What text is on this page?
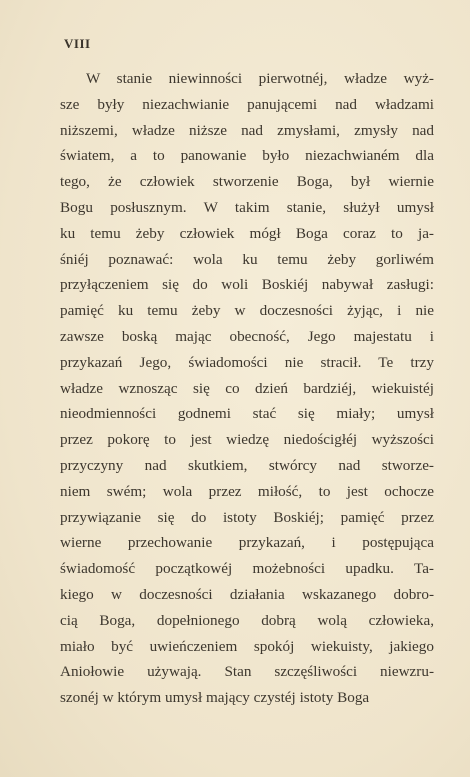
VIII
W stanie niewinności pierwotnéj, władze wyż-
sze były niezachwianie panującemi nad władzami
niższemi, władze niższe nad zmysłami, zmysły nad
światem, a to panowanie było niezachwianém dla
tego, że człowiek stworzenie Boga, był wiernie
Bogu posłusznym. W takim stanie, służył umysł
ku temu żeby człowiek mógł Boga coraz to ja-
śniéj poznawać: wola ku temu żeby gorliwém
przyłączeniem się do woli Boskiéj nabywał zasługi:
pamięć ku temu żeby w doczesności żyjąc, i nie
zawsze boską mając obecność, Jego majestatu i
przykazań Jego, świadomości nie stracił. Te trzy
władze wznosząc się co dzień bardziéj, wiekuistéj
nieodmienności godnemi stać się miały; umysł
przez pokorę to jest wiedzę niedościgłéj wyższości
przyczyny nad skutkiem, stwórcy nad stworze-
niem swém; wola przez miłość, to jest ochocze
przywiązanie się do istoty Boskiéj; pamięć przez
wierne przechowanie przykazań, i postępująca
świadomość początkowéj możebności upadku. Ta-
kiego w doczesności działania wskazanego dobro-
cią Boga, dopełnionego dobrą wolą człowieka,
miało być uwieńczeniem spokój wiekuisty, jakiego
Aniołowie używają. Stan szczęśliwości niewzru-
szonéj w którym umysł mający czystéj istoty Boga
